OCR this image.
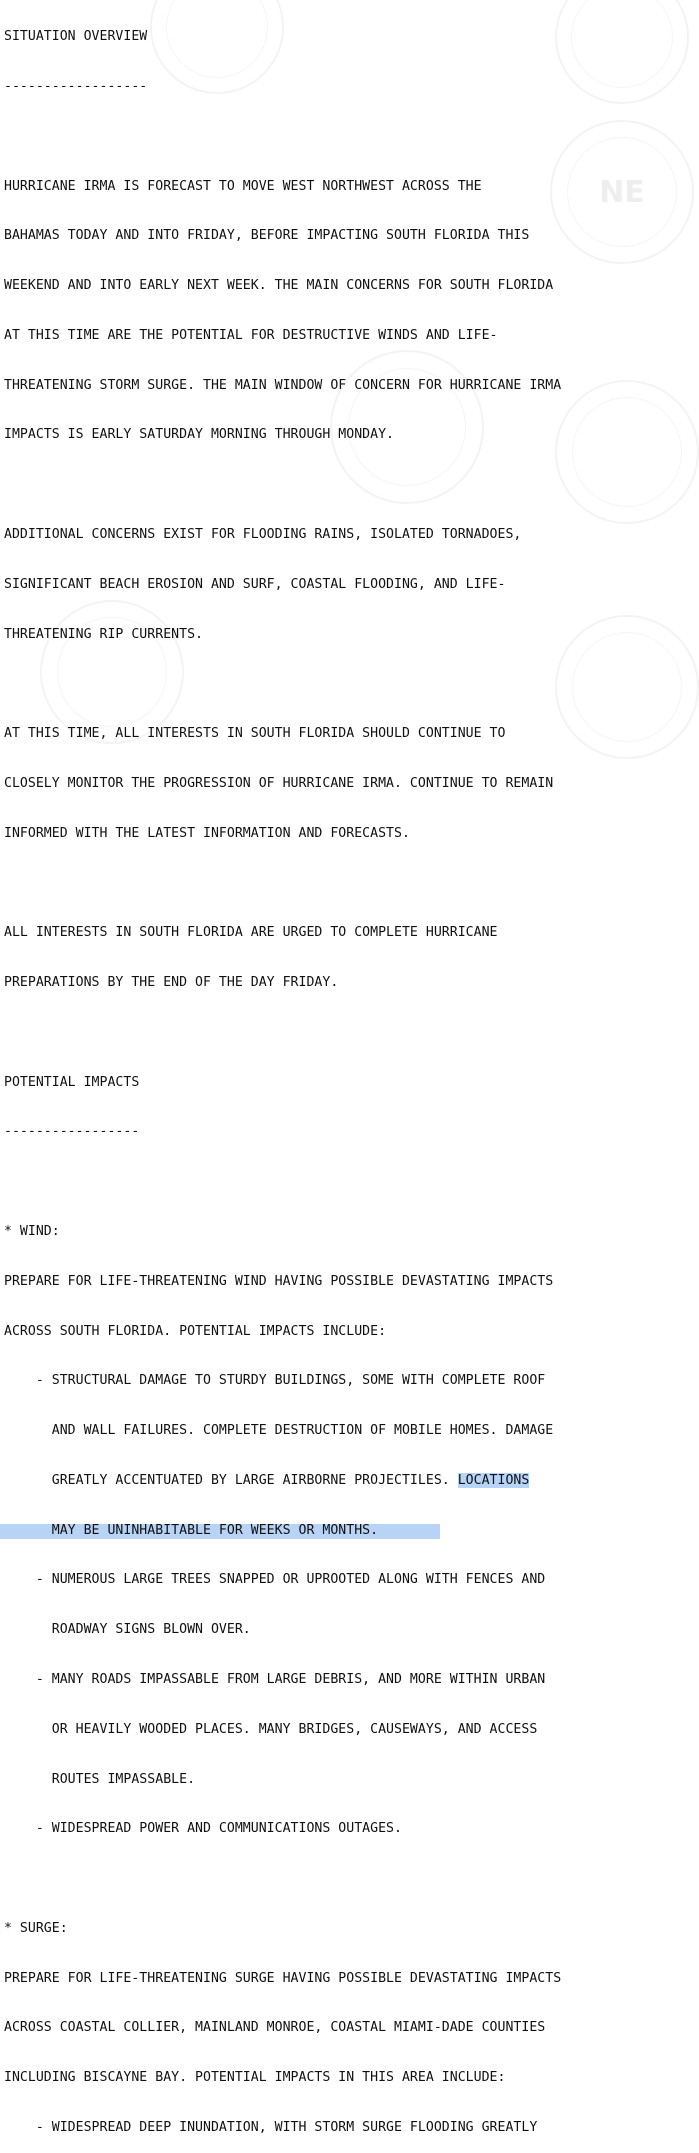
NE

SITUATION OVERVIEW

------------------

HURRICANE IRMA IS FORECAST TO MOVE WEST NORTHWEST ACROSS THE

BAHAMAS TODAY AND INTO FRIDAY, BEFORE IMPACTING SOUTH FLORIDA THIS

WEEKEND AND INTO EARLY NEXT WEEK. THE MAIN CONCERNS FOR SOUTH FLORIDA

AT THIS TIME ARE THE POTENTIAL FOR DESTRUCTIVE WINDS AND LIFE-

THREATENING STORM SURGE. THE MAIN WINDOW OF CONCERN FOR HURRICANE IRMA

IMPACTS IS EARLY SATURDAY MORNING THROUGH MONDAY.

ADDITIONAL CONCERNS EXIST FOR FLOODING RAINS, ISOLATED TORNADOES,

SIGNIFICANT BEACH EROSION AND SURF, COASTAL FLOODING, AND LIFE-

THREATENING RIP CURRENTS.

AT THIS TIME, ALL INTERESTS IN SOUTH FLORIDA SHOULD CONTINUE TO

CLOSELY MONITOR THE PROGRESSION OF HURRICANE IRMA. CONTINUE TO REMAIN

INFORMED WITH THE LATEST INFORMATION AND FORECASTS.

ALL INTERESTS IN SOUTH FLORIDA ARE URGED TO COMPLETE HURRICANE

PREPARATIONS BY THE END OF THE DAY FRIDAY.

POTENTIAL IMPACTS

-----------------

* WIND:

PREPARE FOR LIFE-THREATENING WIND HAVING POSSIBLE DEVASTATING IMPACTS

ACROSS SOUTH FLORIDA. POTENTIAL IMPACTS INCLUDE:

- STRUCTURAL DAMAGE TO STURDY BUILDINGS, SOME WITH COMPLETE ROOF

AND WALL FAILURES. COMPLETE DESTRUCTION OF MOBILE HOMES. DAMAGE

GREATLY ACCENTUATED BY LARGE AIRBORNE PROJECTILES. LOCATIONS

MAY BE UNINHABITABLE FOR WEEKS OR MONTHS.

- NUMEROUS LARGE TREES SNAPPED OR UPROOTED ALONG WITH FENCES AND

ROADWAY SIGNS BLOWN OVER.

- MANY ROADS IMPASSABLE FROM LARGE DEBRIS, AND MORE WITHIN URBAN

OR HEAVILY WOODED PLACES. MANY BRIDGES, CAUSEWAYS, AND ACCESS

ROUTES IMPASSABLE.

- WIDESPREAD POWER AND COMMUNICATIONS OUTAGES.

* SURGE:

PREPARE FOR LIFE-THREATENING SURGE HAVING POSSIBLE DEVASTATING IMPACTS

ACROSS COASTAL COLLIER, MAINLAND MONROE, COASTAL MIAMI-DADE COUNTIES

INCLUDING BISCAYNE BAY. POTENTIAL IMPACTS IN THIS AREA INCLUDE:

- WIDESPREAD DEEP INUNDATION, WITH STORM SURGE FLOODING GREATLY
